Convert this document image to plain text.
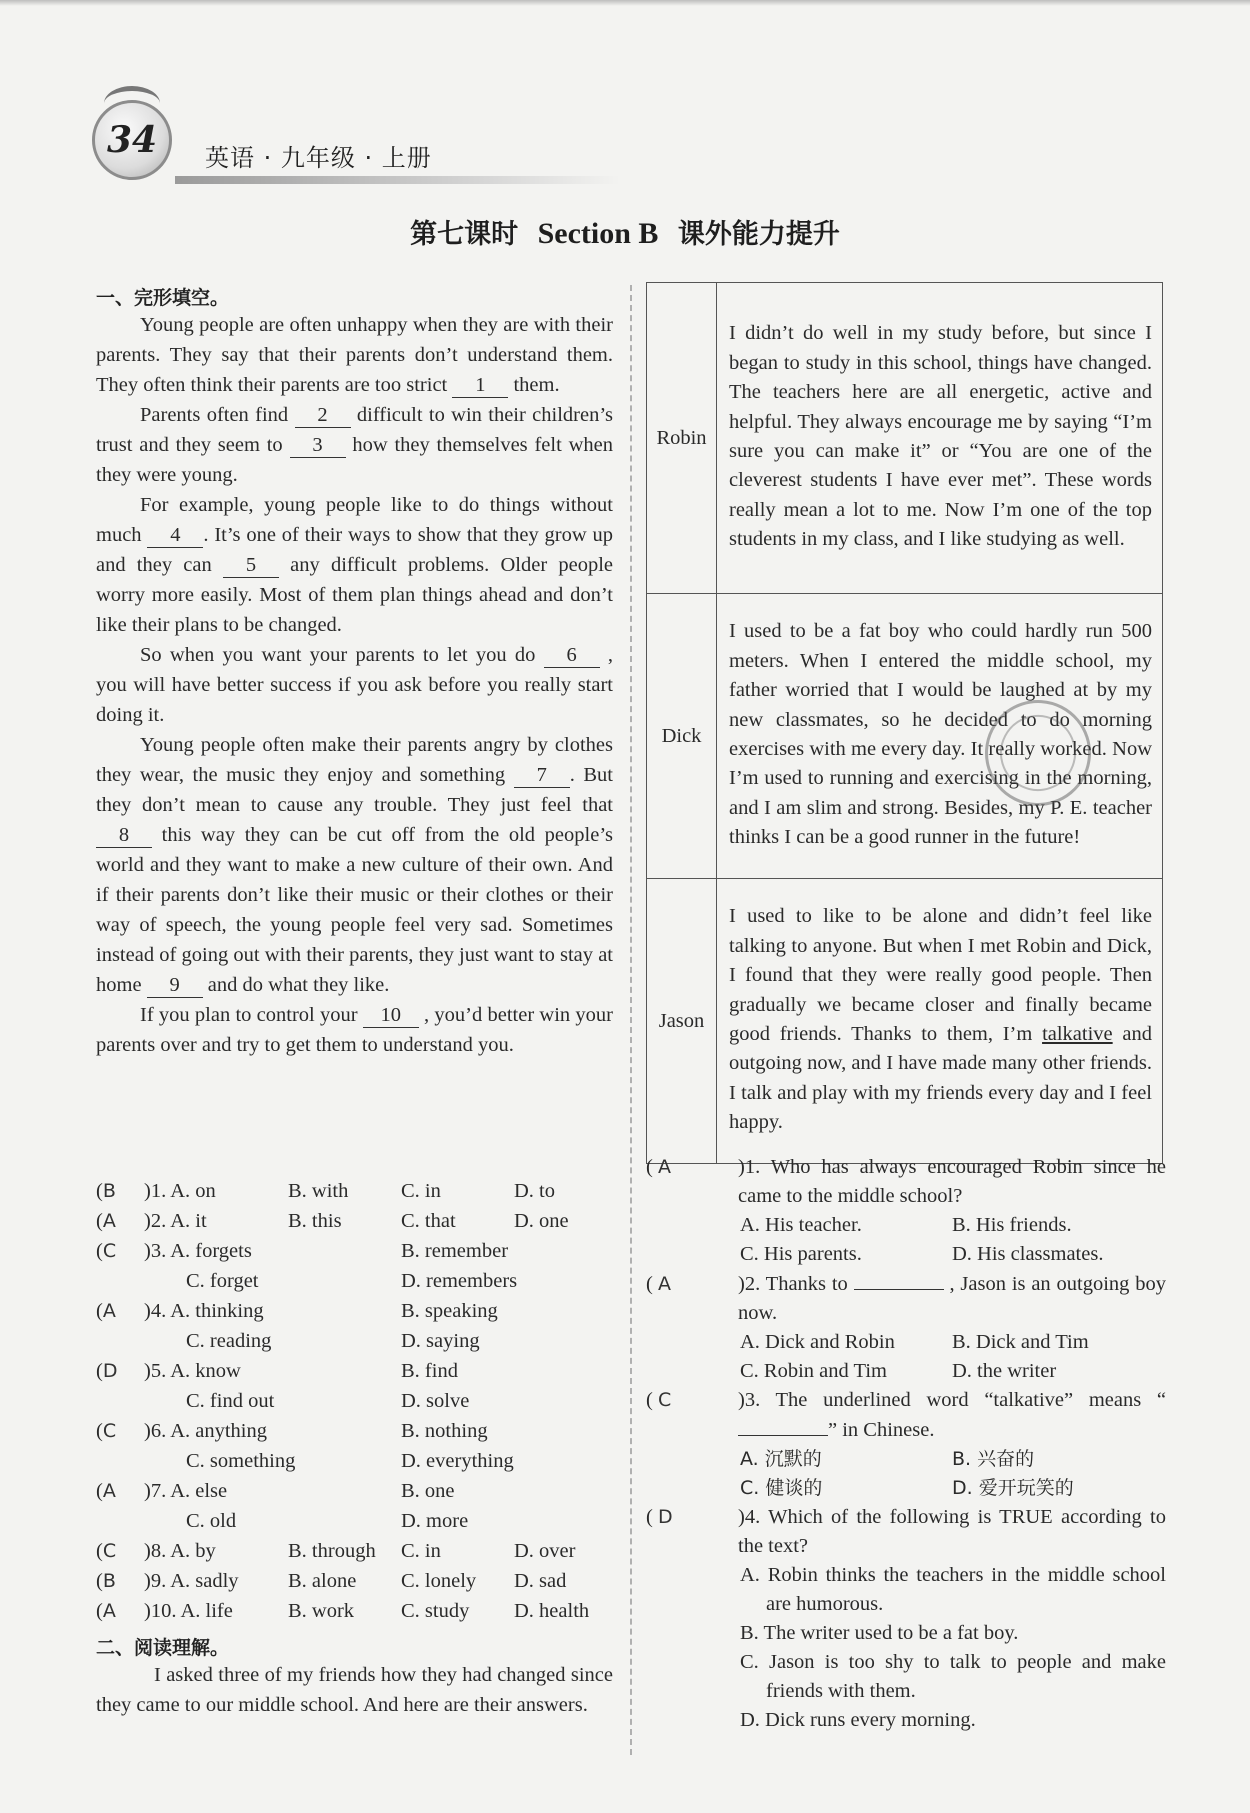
34 英语 · 九年级 · 上册
第七课时 Section B 课外能力提升
一、完形填空。

Young people are often unhappy when they are with their parents. They say that their parents don’t understand them. They often think their parents are too strict 1 them.

Parents often find 2 difficult to win their children’s trust and they seem to 3 how they themselves felt when they were young.

For example, young people like to do things without much 4 . It’s one of their ways to show that they grow up and they can 5 any difficult problems. Older people worry more easily. Most of them plan things ahead and don’t like their plans to be changed.

So when you want your parents to let you do 6 , you will have better success if you ask before you really start doing it.

Young people often make their parents angry by clothes they wear, the music they enjoy and something 7 . But they don’t mean to cause any trouble. They just feel that 8 this way they can be cut off from the old people’s world and they want to make a new culture of their own. And if their parents don’t like their music or their clothes or their way of speech, the young people feel very sad. Sometimes instead of going out with their parents, they just want to stay at home 9 and do what they like.

If you plan to control your 10 , you’d better win your parents over and try to get them to understand you.

( B )1. A. on	B. with	C. in	D. to
( A )2. A. it	B. this	C. that	D. one
( C )3. A. forgets	B. remember
C. forget	D. remembers
( A )4. A. thinking	B. speaking
C. reading	D. saying
( D )5. A. know	B. find
C. find out	D. solve
( C )6. A. anything	B. nothing
C. something	D. everything
( A )7. A. else	B. one
C. old	D. more
( C )8. A. by	B. through C. in	D. over
( B )9. A. sadly B. alone C. lonely D. sad
( A )10. A. life	B. work C. study D. health
二、阅读理解。

I asked three of my friends how they had changed since they came to our middle school. And here are their answers.

Robin	I didn’t do well in my study before, but since I began to study in this school, things have changed. The teachers here are all energetic, active and helpful. They always encourage me by saying “I’m sure you can make it” or “You are one of the cleverest students I have ever met”. These words really mean a lot to me. Now I’m one of the top students in my class, and I like studying as well.
Dick	I used to be a fat boy who could hardly run 500 meters. When I entered the middle school, my father worried that I would be laughed at by my new classmates, so he decided to do morning exercises with me every day. It really worked. Now I’m used to running and exercising in the morning, and I am slim and strong. Besides, my P. E. teacher thinks I can be a good runner in the future!
Jason	I used to like to be alone and didn’t feel like talking to anyone. But when I met Robin and Dick, I found that they were really good people. Then gradually we became closer and finally became good friends. Thanks to them, I’m talkative and outgoing now, and I have made many other friends. I talk and play with my friends every day and I feel happy.
( A	)1. Who has always encouraged Robin since he came to the middle school?
A. His teacher.	B. His friends.
C. His parents.	D. His classmates.
( A	)2. Thanks to	, Jason is an outgoing boy now.
A. Dick and Robin	B. Dick and Tim
C. Robin and Tim	D. the writer
( C	)3. The underlined word “talkative” means “” in Chinese.
A. 沉默的	B. 兴奋的
C. 健谈的	D. 爱开玩笑的
( D	)4. Which of the following is TRUE according to the text?
A. Robin thinks the teachers in the middle school are humorous.
B. The writer used to be a fat boy.
C. Jason is too shy to talk to people and make friends with them.
D. Dick runs every morning.
